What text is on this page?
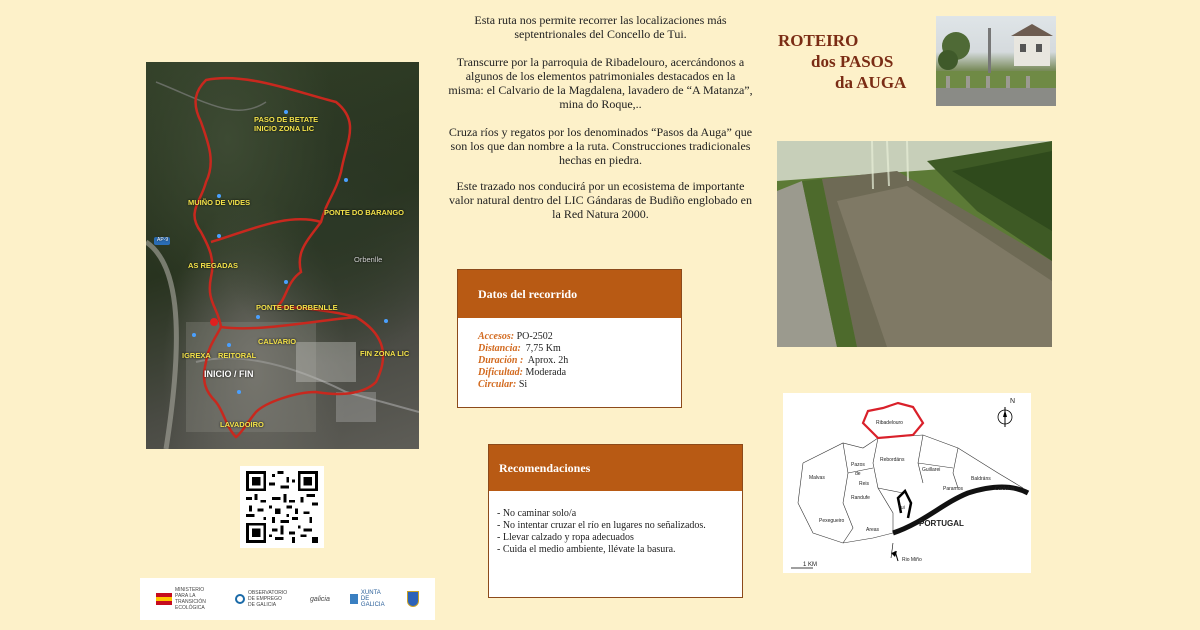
PASO DE BETATE
INICIO ZONA LIC
MUIÑO DE VIDES
PONTE DO BARANGO
AS REGADAS
Orbenlle
AP-9
PONTE DE ORBENLLE
CALVARIO
FIN ZONA LIC
IGREXA REITORAL
INICIO / FIN
LAVADOIRO
MINISTERIO PARA LA TRANSICIÓN ECOLÓGICA
OBSERVATORIO DE EMPREGO DE GALICIA
galicia
XUNTA DE GALICIA

Esta ruta nos permite recorrer las localizaciones más septentrionales del Concello de Tui.

Transcurre por la parroquia de Ribadelouro, acercándonos a algunos de los elementos patrimoniales destacados en la misma: el Calvario de la Magdalena, lavadero de “A Matanza”, mina do Roque,..

Cruza ríos y regatos por los denominados “Pasos da Auga” que son los que dan nombre a la ruta. Construcciones tradicionales hechas en piedra.

Este trazado nos conducirá por un ecosistema de importante valor natural dentro del LIC Gándaras de Budiño englobado en la Red Natura 2000.

ROTEIRO
dos PASOS
da AUGA
Ribadelouro
Malvas
Pazos
de
Reis
Rebordáns
Guillarei
Paramos
Baldráns
Caldelas
Randufe
Pexegueiro
Areas
Tui
PORTUGAL
Rio Miño
1 KM
N
Datos del recorrido
Accesos: PO-2502
Distancia: 7,75 Km
Duración : Aprox. 2h
Dificultad: Moderada
Circular: Si
Recomendaciones
- No caminar solo/a
- No intentar cruzar el río en lugares no señalizados.
- Llevar calzado y ropa adecuados
- Cuida el medio ambiente, llévate la basura.
